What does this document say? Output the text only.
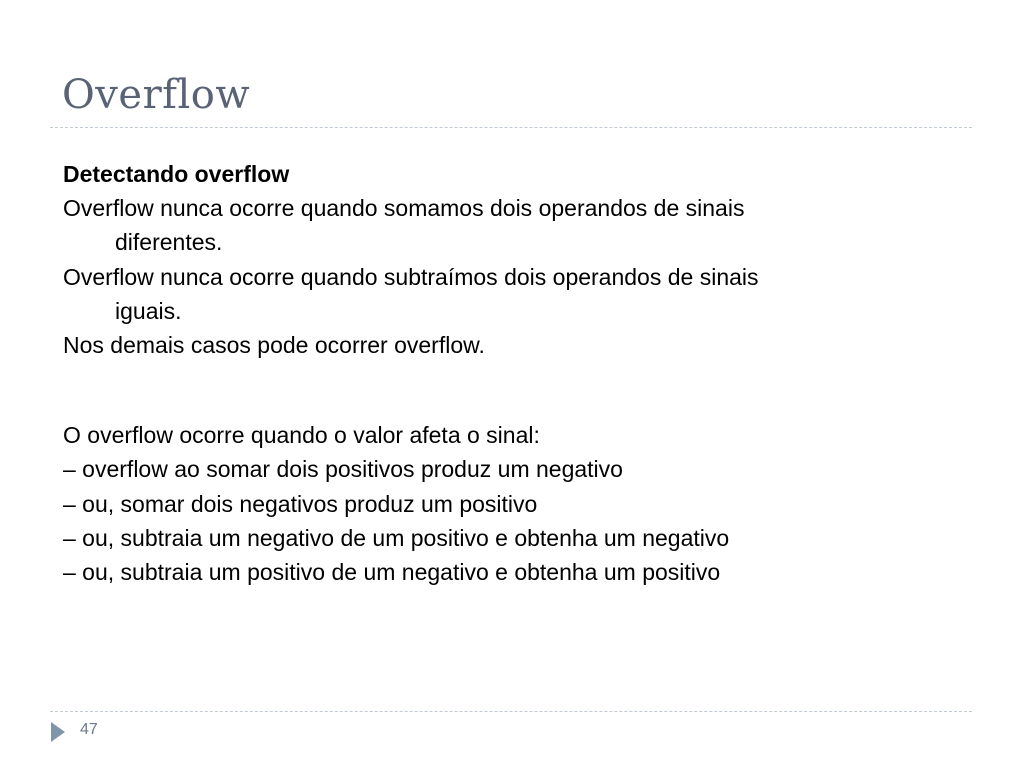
Overflow
Detectando overflow
Overflow nunca ocorre quando somamos dois operandos de sinais
diferentes.
Overflow nunca ocorre quando subtraímos dois operandos de sinais
iguais.
Nos demais casos pode ocorrer overflow.
O overflow ocorre quando o valor afeta o sinal:
– overflow ao somar dois positivos produz um negativo
– ou, somar dois negativos produz um positivo
– ou, subtraia um negativo de um positivo e obtenha um negativo
– ou, subtraia um positivo de um negativo e obtenha um positivo
47
